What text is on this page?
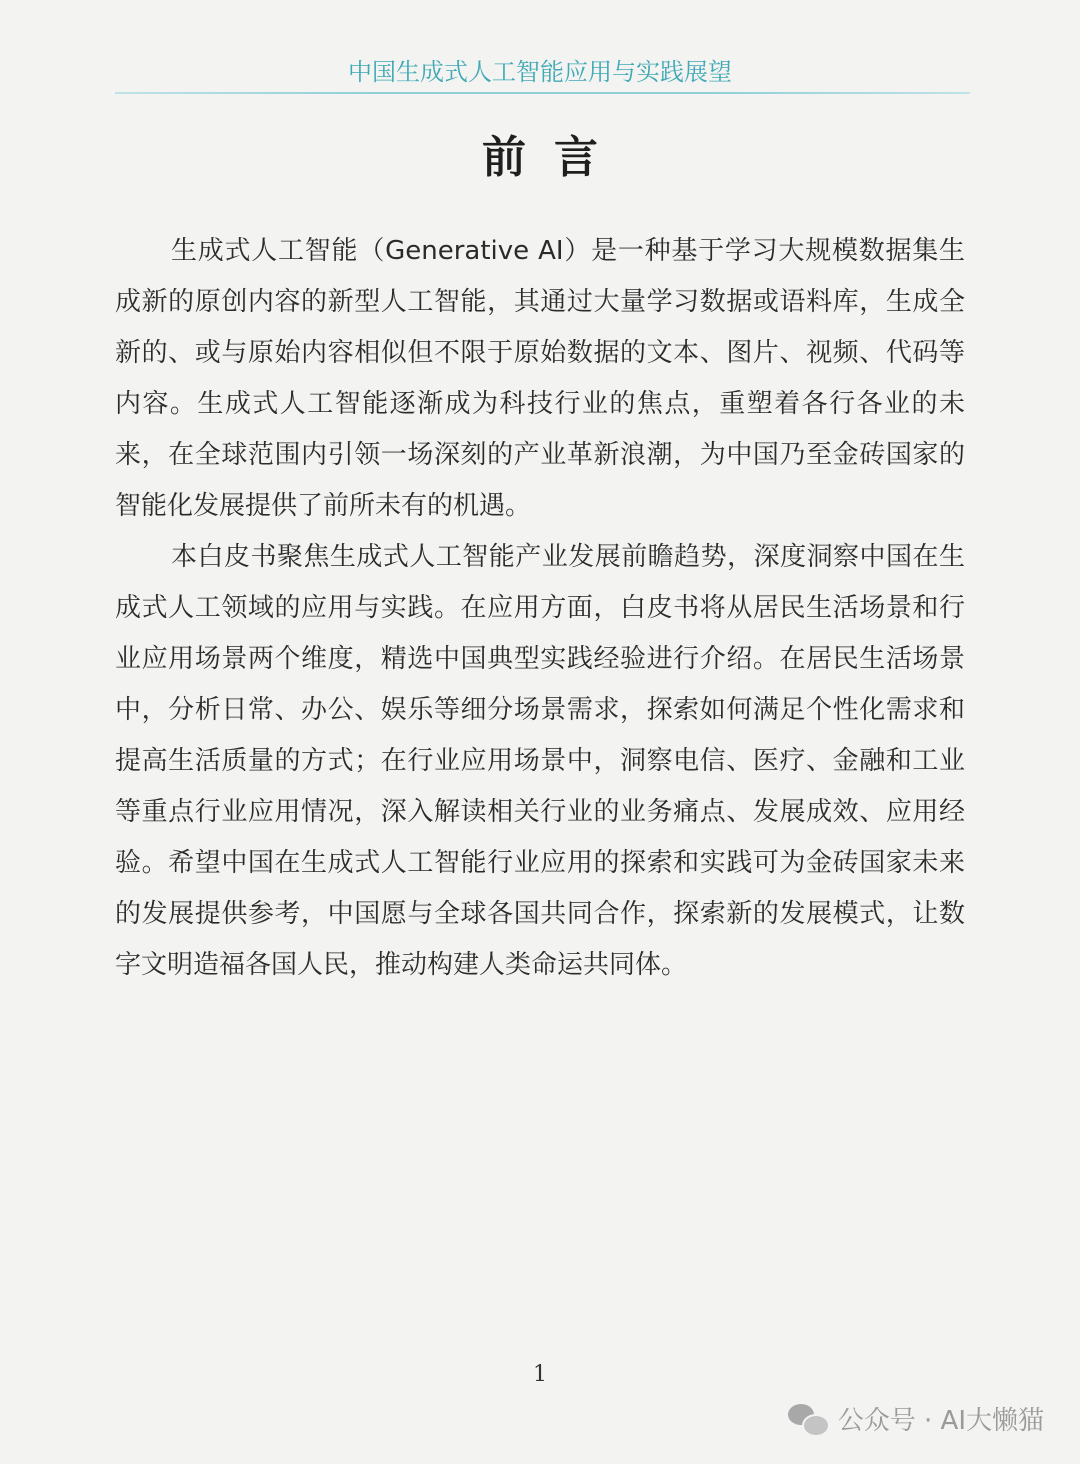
中国生成式人工智能应用与实践展望
前言

生成式人工智能（Generative AI）是一种基于学习大规模数据集生成新的原创内容的新型人工智能，其通过大量学习数据或语料库，生成全新的、或与原始内容相似但不限于原始数据的文本、图片、视频、代码等内容。生成式人工智能逐渐成为科技行业的焦点，重塑着各行各业的未来，在全球范围内引领一场深刻的产业革新浪潮，为中国乃至金砖国家的智能化发展提供了前所未有的机遇。

本白皮书聚焦生成式人工智能产业发展前瞻趋势，深度洞察中国在生成式人工领域的应用与实践。在应用方面，白皮书将从居民生活场景和行业应用场景两个维度，精选中国典型实践经验进行介绍。在居民生活场景中，分析日常、办公、娱乐等细分场景需求，探索如何满足个性化需求和提高生活质量的方式；在行业应用场景中，洞察电信、医疗、金融和工业等重点行业应用情况，深入解读相关行业的业务痛点、发展成效、应用经验。希望中国在生成式人工智能行业应用的探索和实践可为金砖国家未来的发展提供参考，中国愿与全球各国共同合作，探索新的发展模式，让数字文明造福各国人民，推动构建人类命运共同体。

1
公众号 · AI大懒猫
